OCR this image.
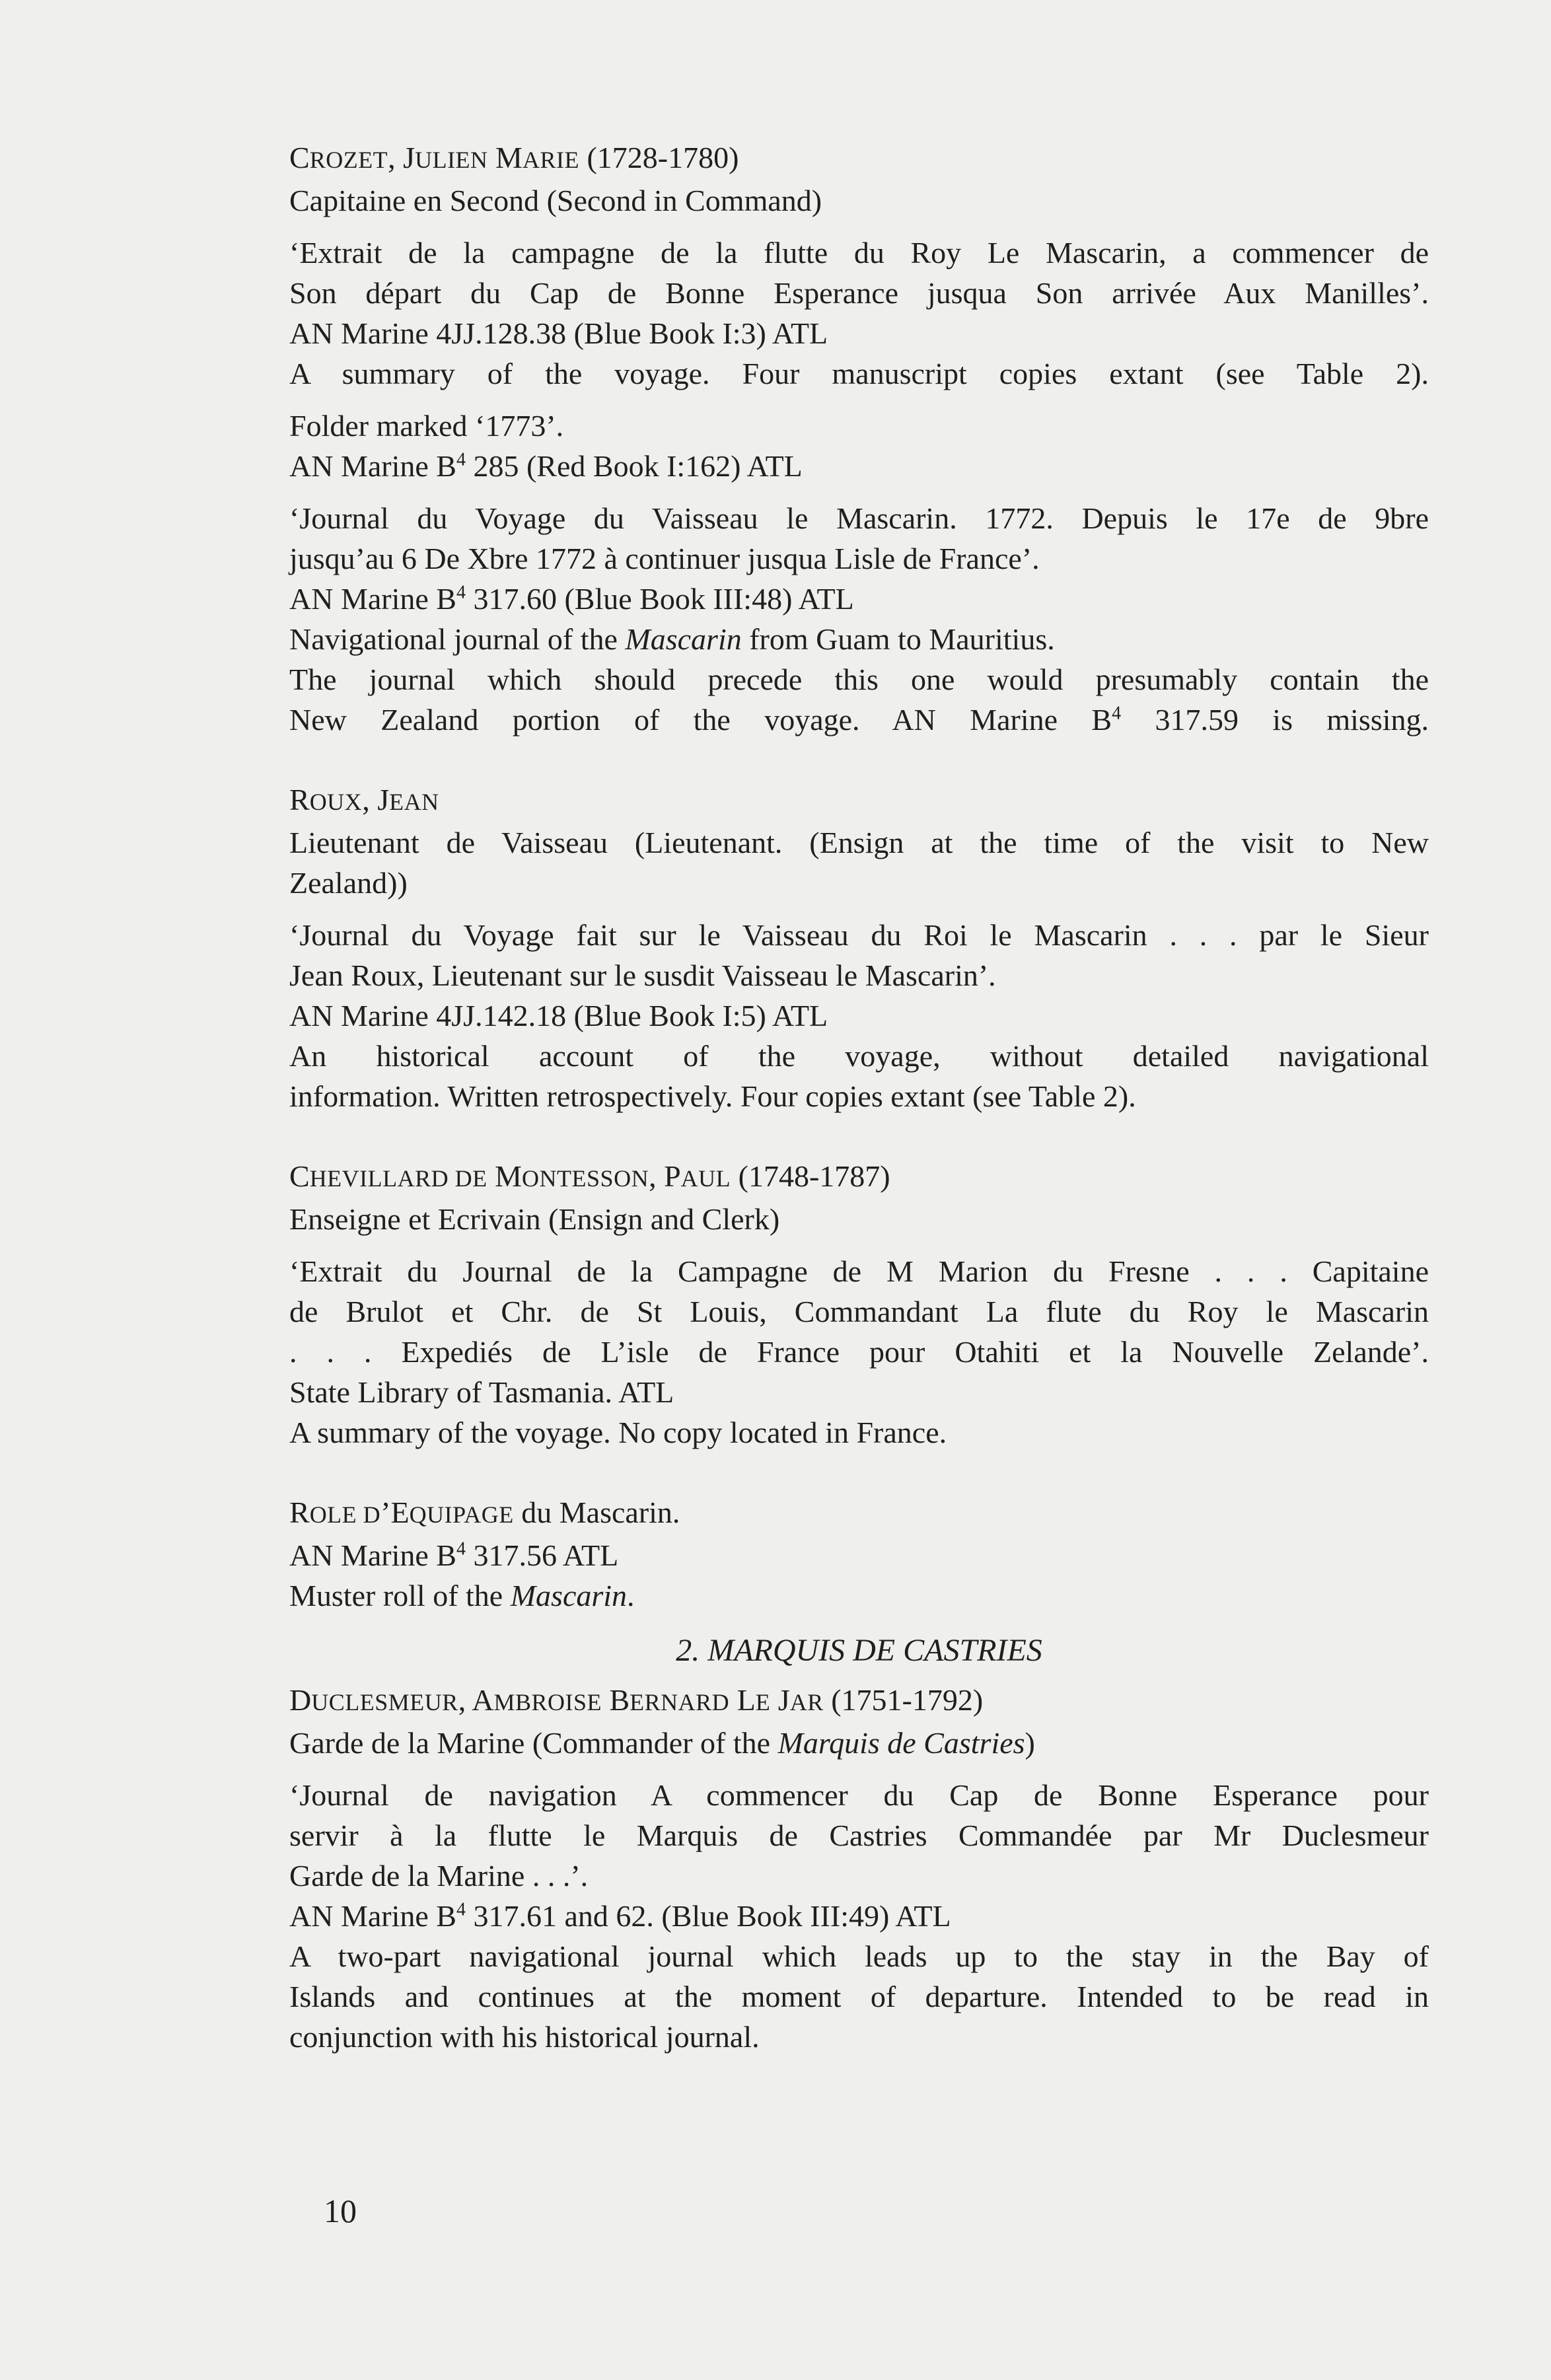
CROZET, JULIEN MARIE (1728-1780)
Capitaine en Second (Second in Command)
‘Extrait de la campagne de la flutte du Roy Le Mascarin, a commencer de
Son départ du Cap de Bonne Esperance jusqua Son arrivée Aux Manilles’.
AN Marine 4JJ.128.38 (Blue Book I:3) ATL
A summary of the voyage. Four manuscript copies extant (see Table 2).
Folder marked ‘1773’.
AN Marine $B^4$ 285 (Red Book I:162) ATL
‘Journal du Voyage du Vaisseau le Mascarin. 1772. Depuis le 17e de 9bre
jusqu’au 6 De Xbre 1772 à continuer jusqua Lisle de France’.
AN Marine $B^4$ 317.60 (Blue Book III:48) ATL
Navigational journal of the Mascarin from Guam to Mauritius.
The journal which should precede this one would presumably contain the
New Zealand portion of the voyage. AN Marine $B^4$ 317.59 is missing.
ROUX, JEAN
Lieutenant de Vaisseau (Lieutenant. (Ensign at the time of the visit to New
Zealand))
‘Journal du Voyage fait sur le Vaisseau du Roi le Mascarin . . . par le Sieur
Jean Roux, Lieutenant sur le susdit Vaisseau le Mascarin’.
AN Marine 4JJ.142.18 (Blue Book I:5) ATL
An historical account of the voyage, without detailed navigational
information. Written retrospectively. Four copies extant (see Table 2).
CHEVILLARD DE MONTESSON, PAUL (1748-1787)
Enseigne et Ecrivain (Ensign and Clerk)
‘Extrait du Journal de la Campagne de M Marion du Fresne . . . Capitaine
de Brulot et Chr. de St Louis, Commandant La flute du Roy le Mascarin
. . . Expediés de L’isle de France pour Otahiti et la Nouvelle Zelande’.
State Library of Tasmania. ATL
A summary of the voyage. No copy located in France.
ROLE D’EQUIPAGE du Mascarin.
AN Marine $B^4$ 317.56 ATL
Muster roll of the Mascarin.
2. MARQUIS DE CASTRIES
DUCLESMEUR, AMBROISE BERNARD LE JAR (1751-1792)
Garde de la Marine (Commander of the Marquis de Castries)
‘Journal de navigation A commencer du Cap de Bonne Esperance pour
servir à la flutte le Marquis de Castries Commandée par Mr Duclesmeur
Garde de la Marine . . .’.
AN Marine $B^4$ 317.61 and 62. (Blue Book III:49) ATL
A two-part navigational journal which leads up to the stay in the Bay of
Islands and continues at the moment of departure. Intended to be read in
conjunction with his historical journal.
10
